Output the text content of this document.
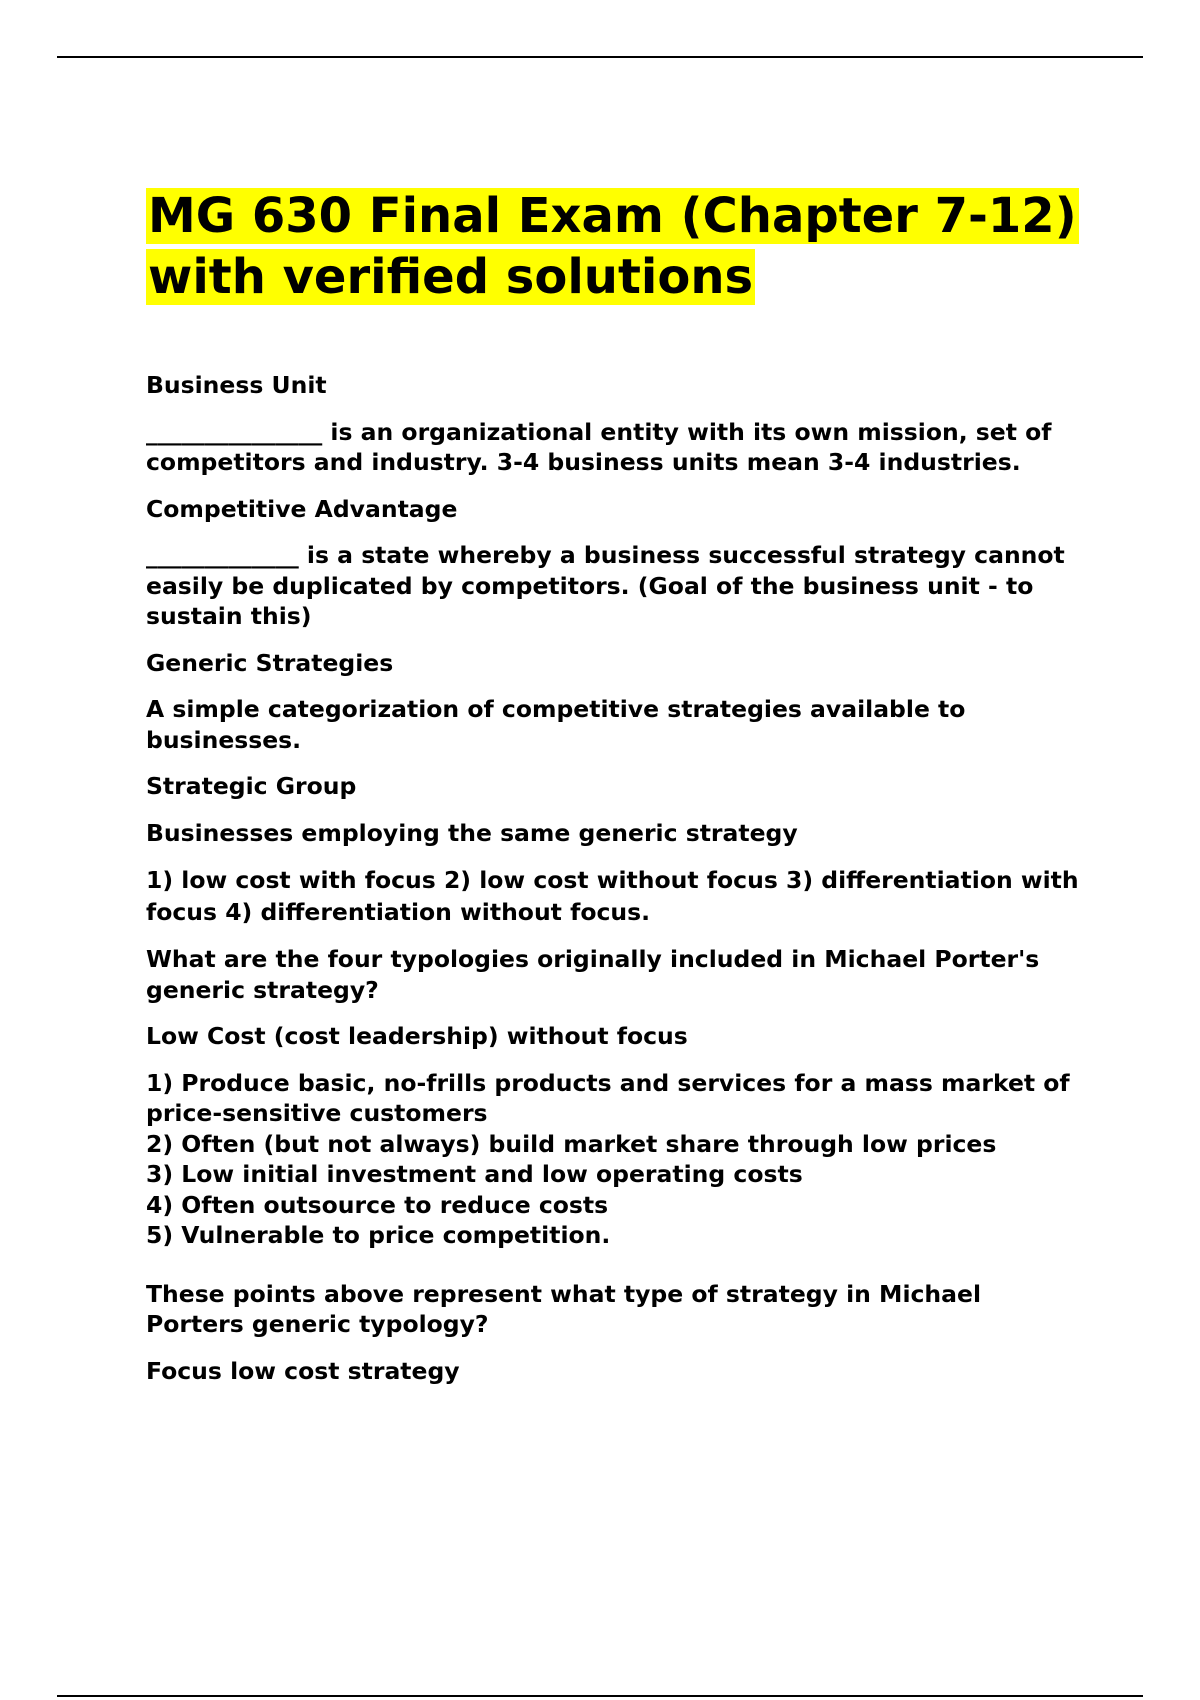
MG 630 Final Exam (Chapter 7-12)
with verified solutions

Business Unit

_______________ is an organizational entity with its own mission, set of competitors and industry. 3-4 business units mean 3-4 industries.

Competitive Advantage

_____________ is a state whereby a business successful strategy cannot easily be duplicated by competitors. (Goal of the business unit - to sustain this)

Generic Strategies

A simple categorization of competitive strategies available to businesses.

Strategic Group

Businesses employing the same generic strategy

1) low cost with focus 2) low cost without focus 3) differentiation with focus 4) differentiation without focus.

What are the four typologies originally included in Michael Porter's generic strategy?

Low Cost (cost leadership) without focus

1) Produce basic, no-frills products and services for a mass market of price-sensitive customers
2) Often (but not always) build market share through low prices
3) Low initial investment and low operating costs
4) Often outsource to reduce costs
5) Vulnerable to price competition.

These points above represent what type of strategy in Michael Porters generic typology?

Focus low cost strategy
